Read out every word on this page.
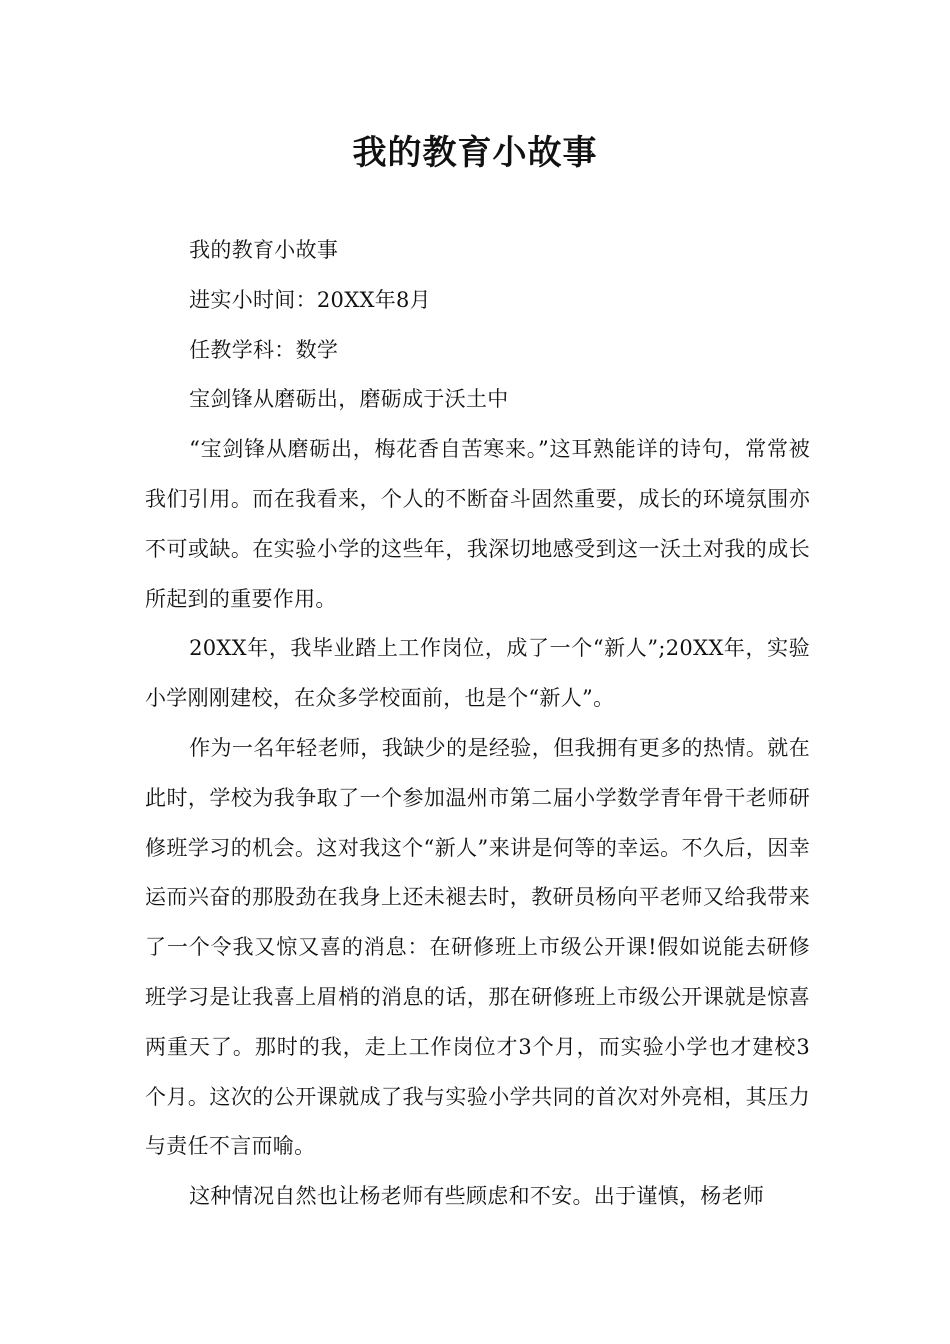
我的教育小故事

我的教育小故事

进实小时间：20XX年8月

任教学科：数学

宝剑锋从磨砺出，磨砺成于沃土中

“宝剑锋从磨砺出，梅花香自苦寒来。”这耳熟能详的诗句，常常被我们引用。而在我看来，个人的不断奋斗固然重要，成长的环境氛围亦不可或缺。在实验小学的这些年，我深切地感受到这一沃土对我的成长所起到的重要作用。

20XX年，我毕业踏上工作岗位，成了一个“新人”;20XX年，实验小学刚刚建校，在众多学校面前，也是个“新人”。

作为一名年轻老师，我缺少的是经验，但我拥有更多的热情。就在此时，学校为我争取了一个参加温州市第二届小学数学青年骨干老师研修班学习的机会。这对我这个“新人”来讲是何等的幸运。不久后，因幸运而兴奋的那股劲在我身上还未褪去时，教研员杨向平老师又给我带来了一个令我又惊又喜的消息：在研修班上市级公开课!假如说能去研修班学习是让我喜上眉梢的消息的话，那在研修班上市级公开课就是惊喜两重天了。那时的我，走上工作岗位才3个月，而实验小学也才建校3个月。这次的公开课就成了我与实验小学共同的首次对外亮相，其压力与责任不言而喻。

这种情况自然也让杨老师有些顾虑和不安。出于谨慎，杨老师
